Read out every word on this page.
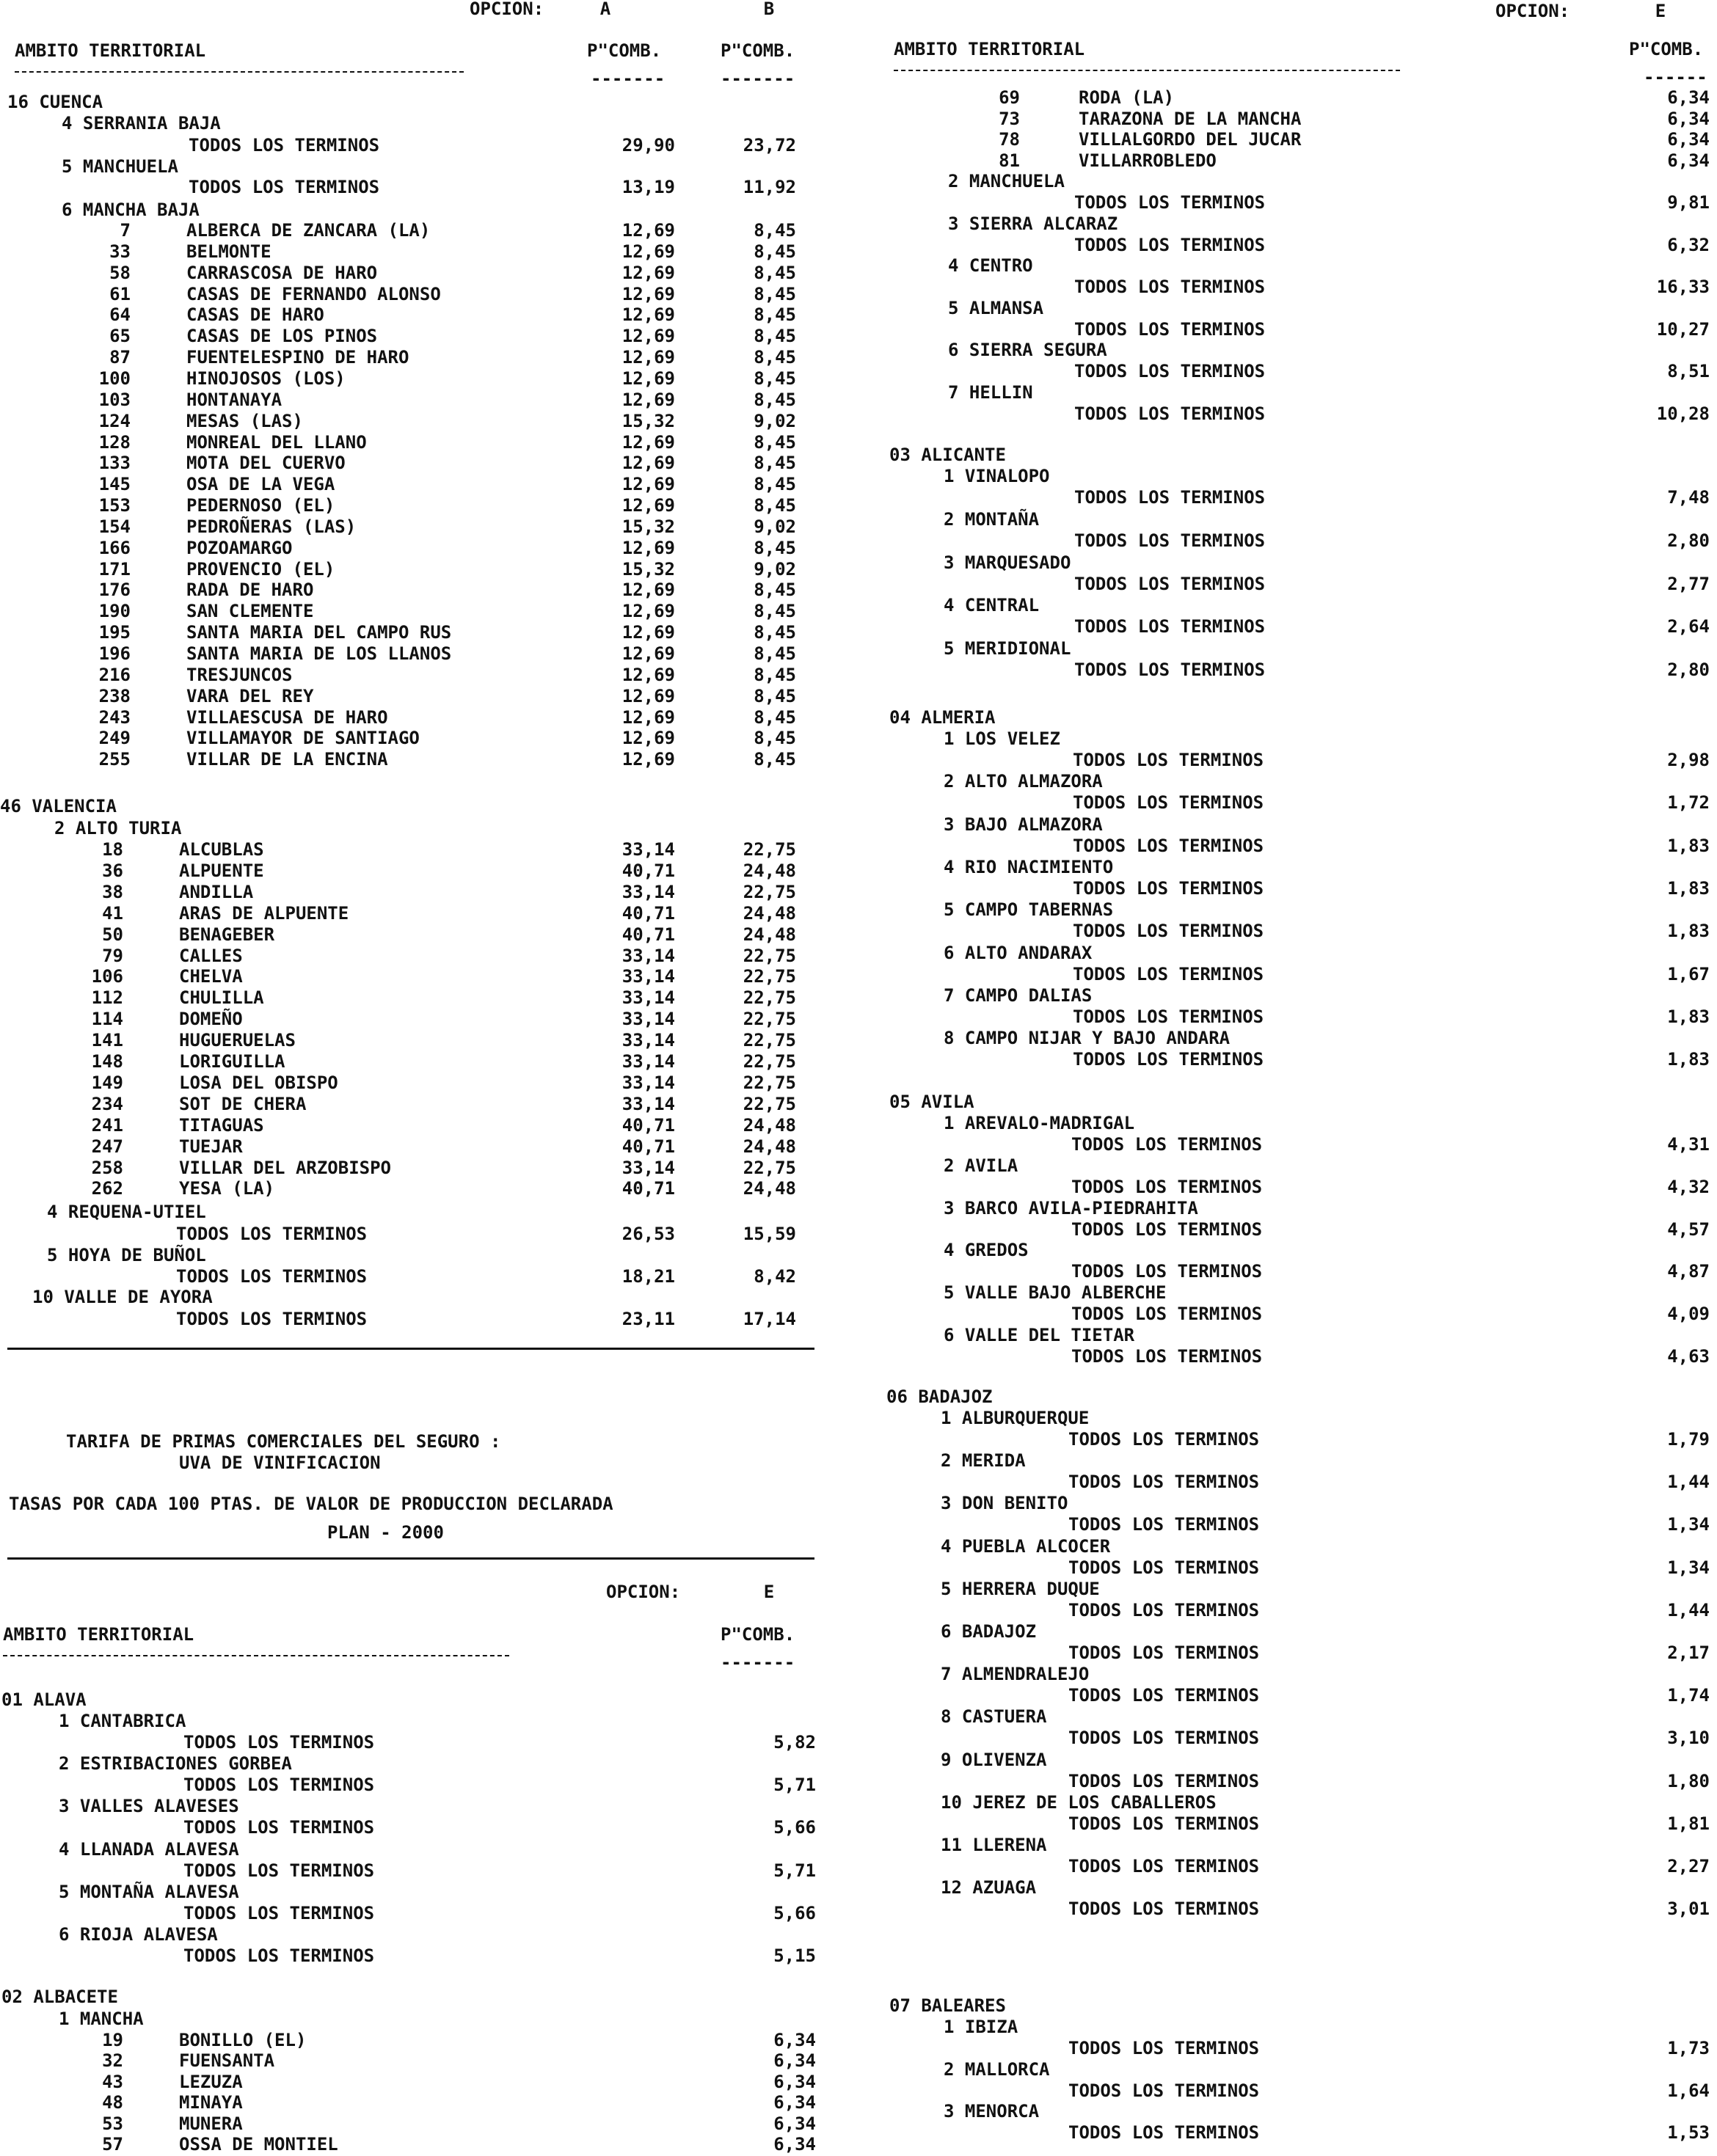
OPCION:	A	B
AMBITO TERRITORIAL	P"COMB.	P"COMB.
-------	-------
16 CUENCA
4 SERRANIA BAJA
TODOS LOS TERMINOS	29,90	23,72
5 MANCHUELA
TODOS LOS TERMINOS	13,19	11,92
6 MANCHA BAJA
7	ALBERCA DE ZANCARA (LA)	12,69	8,45
33	BELMONTE	12,69	8,45
58	CARRASCOSA DE HARO	12,69	8,45
61	CASAS DE FERNANDO ALONSO	12,69	8,45
64	CASAS DE HARO	12,69	8,45
65	CASAS DE LOS PINOS	12,69	8,45
87	FUENTELESPINO DE HARO	12,69	8,45
100	HINOJOSOS (LOS)	12,69	8,45
103	HONTANAYA	12,69	8,45
124	MESAS (LAS)	15,32	9,02
128	MONREAL DEL LLANO	12,69	8,45
133	MOTA DEL CUERVO	12,69	8,45
145	OSA DE LA VEGA	12,69	8,45
153	PEDERNOSO (EL)	12,69	8,45
154	PEDROÑERAS (LAS)	15,32	9,02
166	POZOAMARGO	12,69	8,45
171	PROVENCIO (EL)	15,32	9,02
176	RADA DE HARO	12,69	8,45
190	SAN CLEMENTE	12,69	8,45
195	SANTA MARIA DEL CAMPO RUS	12,69	8,45
196	SANTA MARIA DE LOS LLANOS	12,69	8,45
216	TRESJUNCOS	12,69	8,45
238	VARA DEL REY	12,69	8,45
243	VILLAESCUSA DE HARO	12,69	8,45
249	VILLAMAYOR DE SANTIAGO	12,69	8,45
255	VILLAR DE LA ENCINA	12,69	8,45
46 VALENCIA
2 ALTO TURIA
18	ALCUBLAS	33,14	22,75
36	ALPUENTE	40,71	24,48
38	ANDILLA	33,14	22,75
41	ARAS DE ALPUENTE	40,71	24,48
50	BENAGEBER	40,71	24,48
79	CALLES	33,14	22,75
106	CHELVA	33,14	22,75
112	CHULILLA	33,14	22,75
114	DOMEÑO	33,14	22,75
141	HUGUERUELAS	33,14	22,75
148	LORIGUILLA	33,14	22,75
149	LOSA DEL OBISPO	33,14	22,75
234	SOT DE CHERA	33,14	22,75
241	TITAGUAS	40,71	24,48
247	TUEJAR	40,71	24,48
258	VILLAR DEL ARZOBISPO	33,14	22,75
262	YESA (LA)	40,71	24,48
4 REQUENA-UTIEL
TODOS LOS TERMINOS	26,53	15,59
5 HOYA DE BUÑOL
TODOS LOS TERMINOS	18,21	8,42
10 VALLE DE AYORA
TODOS LOS TERMINOS	23,11	17,14
TARIFA DE PRIMAS COMERCIALES DEL SEGURO :
UVA DE VINIFICACION
TASAS POR CADA 100 PTAS. DE VALOR DE PRODUCCION DECLARADA
PLAN - 2000
OPCION:	E
AMBITO TERRITORIAL	P"COMB.
-------
01 ALAVA
1 CANTABRICA
TODOS LOS TERMINOS	5,82
2 ESTRIBACIONES GORBEA
TODOS LOS TERMINOS	5,71
3 VALLES ALAVESES
TODOS LOS TERMINOS	5,66
4 LLANADA ALAVESA
TODOS LOS TERMINOS	5,71
5 MONTAÑA ALAVESA
TODOS LOS TERMINOS	5,66
6 RIOJA ALAVESA
TODOS LOS TERMINOS	5,15
02 ALBACETE
1 MANCHA
19	BONILLO (EL)	6,34
32	FUENSANTA	6,34
43	LEZUZA	6,34
48	MINAYA	6,34
53	MUNERA	6,34
57	OSSA DE MONTIEL	6,34
OPCION:	E
AMBITO TERRITORIAL	P"COMB.
------
69	RODA (LA)	6,34
73	TARAZONA DE LA MANCHA	6,34
78	VILLALGORDO DEL JUCAR	6,34
81	VILLARROBLEDO	6,34
2 MANCHUELA
TODOS LOS TERMINOS	9,81
3 SIERRA ALCARAZ
TODOS LOS TERMINOS	6,32
4 CENTRO
TODOS LOS TERMINOS	16,33
5 ALMANSA
TODOS LOS TERMINOS	10,27
6 SIERRA SEGURA
TODOS LOS TERMINOS	8,51
7 HELLIN
TODOS LOS TERMINOS	10,28
03 ALICANTE
1 VINALOPO
TODOS LOS TERMINOS	7,48
2 MONTAÑA
TODOS LOS TERMINOS	2,80
3 MARQUESADO
TODOS LOS TERMINOS	2,77
4 CENTRAL
TODOS LOS TERMINOS	2,64
5 MERIDIONAL
TODOS LOS TERMINOS	2,80
04 ALMERIA
1 LOS VELEZ
TODOS LOS TERMINOS	2,98
2 ALTO ALMAZORA
TODOS LOS TERMINOS	1,72
3 BAJO ALMAZORA
TODOS LOS TERMINOS	1,83
4 RIO NACIMIENTO
TODOS LOS TERMINOS	1,83
5 CAMPO TABERNAS
TODOS LOS TERMINOS	1,83
6 ALTO ANDARAX
TODOS LOS TERMINOS	1,67
7 CAMPO DALIAS
TODOS LOS TERMINOS	1,83
8 CAMPO NIJAR Y BAJO ANDARA
TODOS LOS TERMINOS	1,83
05 AVILA
1 AREVALO-MADRIGAL
TODOS LOS TERMINOS	4,31
2 AVILA
TODOS LOS TERMINOS	4,32
3 BARCO AVILA-PIEDRAHITA
TODOS LOS TERMINOS	4,57
4 GREDOS
TODOS LOS TERMINOS	4,87
5 VALLE BAJO ALBERCHE
TODOS LOS TERMINOS	4,09
6 VALLE DEL TIETAR
TODOS LOS TERMINOS	4,63
06 BADAJOZ
1 ALBURQUERQUE
TODOS LOS TERMINOS	1,79
2 MERIDA
TODOS LOS TERMINOS	1,44
3 DON BENITO
TODOS LOS TERMINOS	1,34
4 PUEBLA ALCOCER
TODOS LOS TERMINOS	1,34
5 HERRERA DUQUE
TODOS LOS TERMINOS	1,44
6 BADAJOZ
TODOS LOS TERMINOS	2,17
7 ALMENDRALEJO
TODOS LOS TERMINOS	1,74
8 CASTUERA
TODOS LOS TERMINOS	3,10
9 OLIVENZA
TODOS LOS TERMINOS	1,80
10 JEREZ DE LOS CABALLEROS
TODOS LOS TERMINOS	1,81
11 LLERENA
TODOS LOS TERMINOS	2,27
12 AZUAGA
TODOS LOS TERMINOS	3,01
07 BALEARES
1 IBIZA
TODOS LOS TERMINOS	1,73
2 MALLORCA
TODOS LOS TERMINOS	1,64
3 MENORCA
TODOS LOS TERMINOS	1,53
